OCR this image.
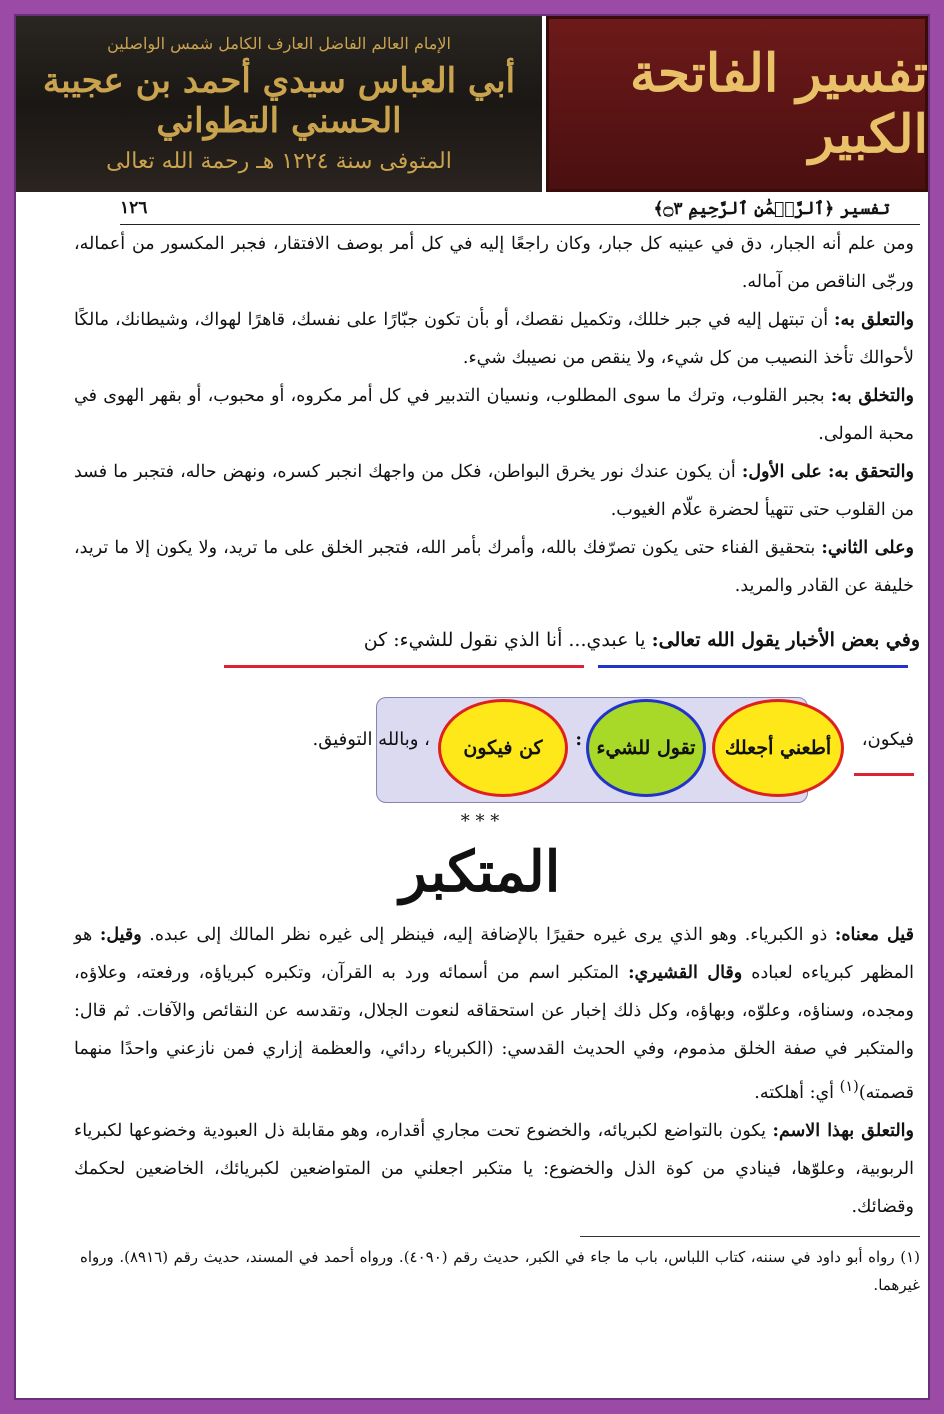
الإمام العالم الفاضل العارف الكامل شمس الواصلين
أبي العباس سيدي أحمد بن عجيبة الحسني التطواني
المتوفى سنة ١٢٢٤ هـ رحمة الله تعالى
تفسير الفاتحة الكبير
تفسير ﴿ٱلرَّحۡمَٰنِ ٱلرَّحِيمِ ۝٣﴾
١٢٦

ومن علم أنه الجبار، دق في عينيه كل جبار، وكان راجعًا إليه في كل أمر بوصف الافتقار، فجبر المكسور من أعماله، ورجّى الناقص من آماله.

والتعلق به: أن تبتهل إليه في جبر خللك، وتكميل نقصك، أو بأن تكون جبّارًا على نفسك، قاهرًا لهواك، وشيطانك، مالكًا لأحوالك تأخذ النصيب من كل شيء، ولا ينقص من نصيبك شيء.

والتخلق به: بجبر القلوب، وترك ما سوى المطلوب، ونسيان التدبير في كل أمر مكروه، أو محبوب، أو بقهر الهوى في محبة المولى.

والتحقق به: على الأول: أن يكون عندك نور يخرق البواطن، فكل من واجهك انجبر كسره، ونهض حاله، فتجبر ما فسد من القلوب حتى تتهيأ لحضرة علّام الغيوب.

وعلى الثاني: بتحقيق الفناء حتى يكون تصرّفك بالله، وأمرك بأمر الله، فتجبر الخلق على ما تريد، ولا يكون إلا ما تريد، خليفة عن القادر والمريد.

وفي بعض الأخبار يقول الله تعالى: يا عبدي... أنا الذي نقول للشيء: كن
فيكون،
أطعني أجعلك
تقول للشيء
:
كن فيكون
، وبالله التوفيق.
* * *
المتكبر

قيل معناه: ذو الكبرياء. وهو الذي يرى غيره حقيرًا بالإضافة إليه، فينظر إلى غيره نظر المالك إلى عبده. وقيل: هو المظهر كبرياءه لعباده وقال القشيري: المتكبر اسم من أسمائه ورد به القرآن، وتكبره كبرياؤه، ورفعته، وعلاؤه، ومجده، وسناؤه، وعلوّه، وبهاؤه، وكل ذلك إخبار عن استحقاقه لنعوت الجلال، وتقدسه عن النقائص والآفات. ثم قال: والمتكبر في صفة الخلق مذموم، وفي الحديث القدسي: (الكبرياء ردائي، والعظمة إزاري فمن نازعني واحدًا منهما قصمته)$^{(١)}$ أي: أهلكته.

والتعلق بهذا الاسم: يكون بالتواضع لكبريائه، والخضوع تحت مجاري أقداره، وهو مقابلة ذل العبودية وخضوعها لكبرياء الربوبية، وعلوّها، فينادي من كوة الذل والخضوع: يا متكبر اجعلني من المتواضعين لكبريائك، الخاضعين لحكمك وقضائك.

(١) رواه أبو داود في سننه، كتاب اللباس، باب ما جاء في الكبر، حديث رقم (٤٠٩٠). ورواه أحمد في المسند، حديث رقم (٨٩١٦). ورواه غيرهما.
